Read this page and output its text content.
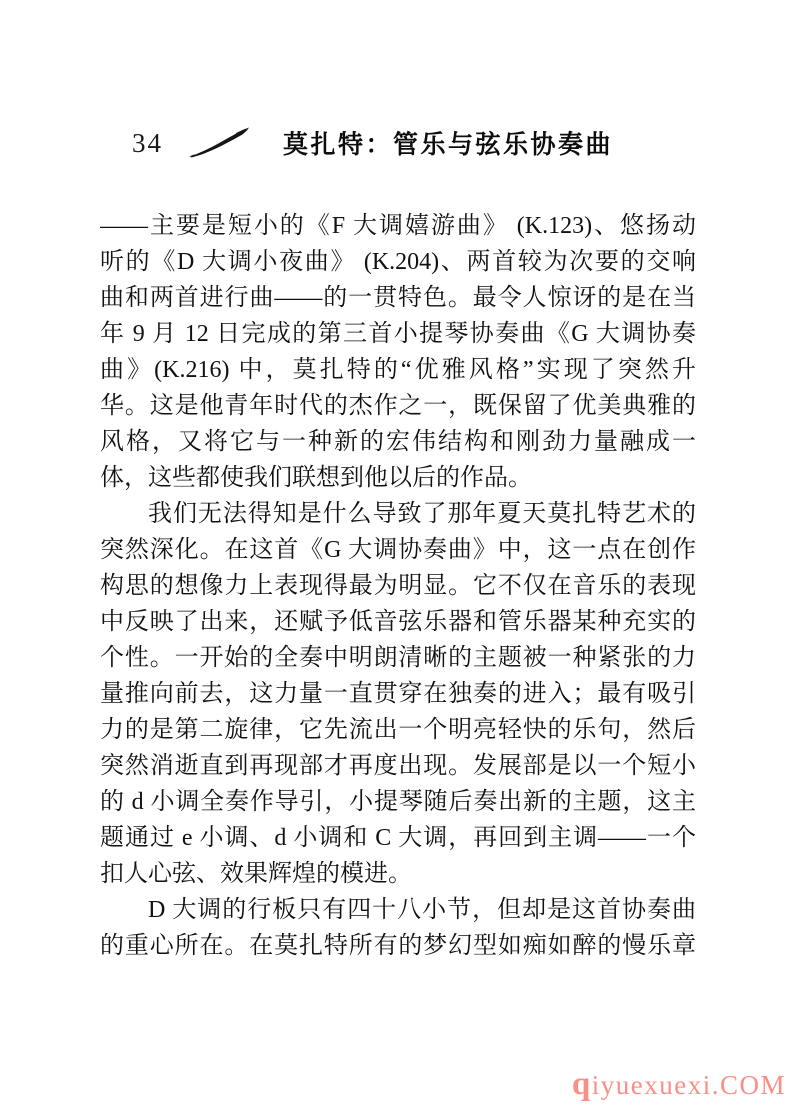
34	莫扎特：管乐与弦乐协奏曲
——主要是短小的《F 大调嬉游曲》 (K.123)、悠扬动
听的《D 大调小夜曲》 (K.204)、两首较为次要的交响
曲和两首进行曲——的一贯特色。最令人惊讶的是在当
年 9 月 12 日完成的第三首小提琴协奏曲《G 大调协奏
曲》(K.216) 中，莫扎特的“优雅风格”实现了突然升
华。这是他青年时代的杰作之一，既保留了优美典雅的
风格，又将它与一种新的宏伟结构和刚劲力量融成一
体，这些都使我们联想到他以后的作品。
我们无法得知是什么导致了那年夏天莫扎特艺术的
突然深化。在这首《G 大调协奏曲》中，这一点在创作
构思的想像力上表现得最为明显。它不仅在音乐的表现
中反映了出来，还赋予低音弦乐器和管乐器某种充实的
个性。一开始的全奏中明朗清晰的主题被一种紧张的力
量推向前去，这力量一直贯穿在独奏的进入；最有吸引
力的是第二旋律，它先流出一个明亮轻快的乐句，然后
突然消逝直到再现部才再度出现。发展部是以一个短小
的 d 小调全奏作导引，小提琴随后奏出新的主题，这主
题通过 e 小调、d 小调和 C 大调，再回到主调——一个
扣人心弦、效果辉煌的模进。
D 大调的行板只有四十八小节，但却是这首协奏曲
的重心所在。在莫扎特所有的梦幻型如痴如醉的慢乐章
qiyuexuexi.COM
